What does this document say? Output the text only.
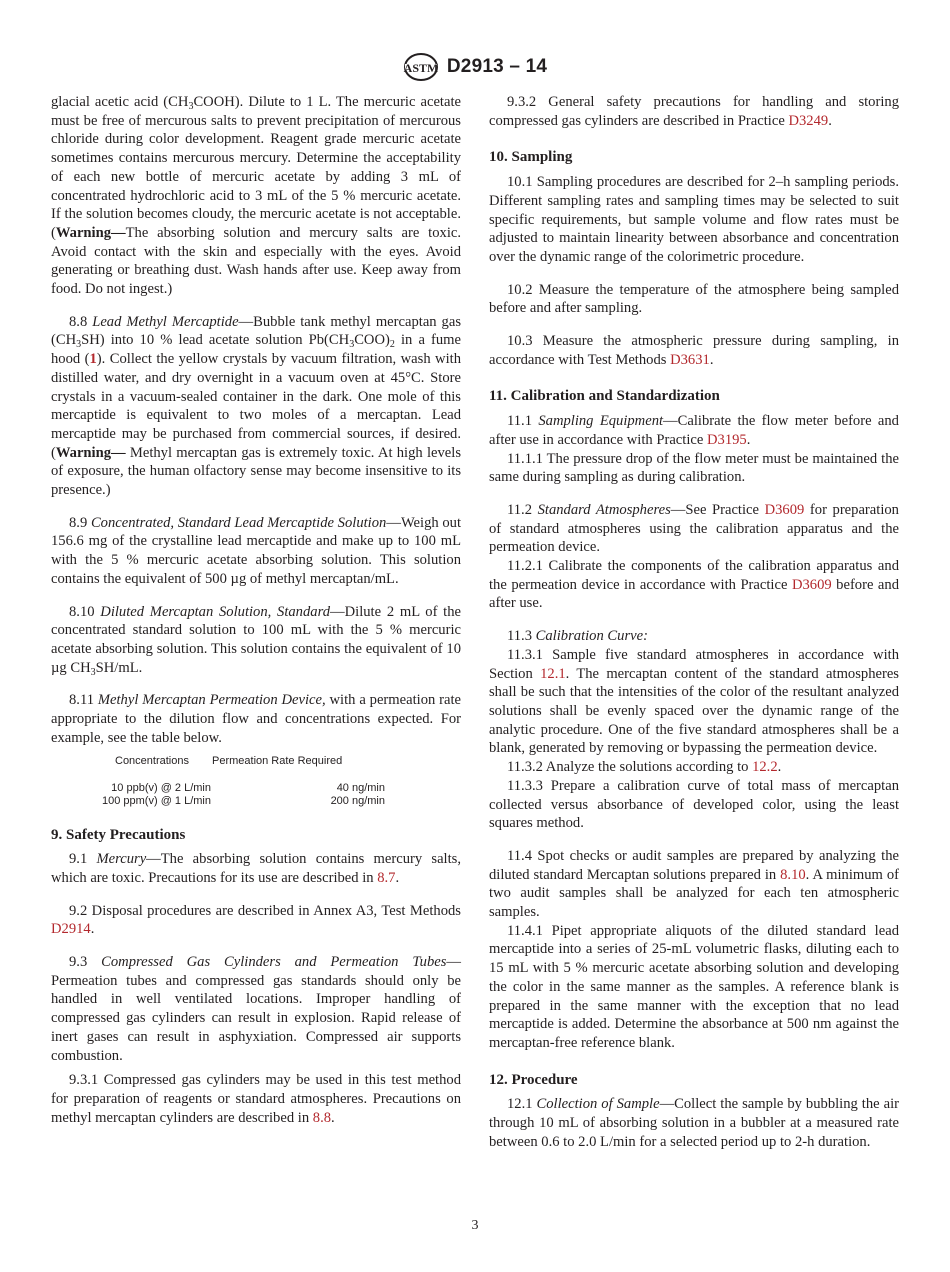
ASTM D2913 – 14

glacial acetic acid $(CH_3COOH)$. Dilute to 1 L. The mercuric acetate must be free of mercurous salts to prevent precipitation of mercurous chloride during color development. Reagent grade mercuric acetate sometimes contains mercurous mercury. Determine the acceptability of each new bottle of mercuric acetate by adding 3 mL of concentrated hydrochloric acid to 3 mL of the 5 % mercuric acetate. If the solution becomes cloudy, the mercuric acetate is not acceptable. (Warning—The absorbing solution and mercury salts are toxic. Avoid contact with the skin and especially with the eyes. Avoid generating or breathing dust. Wash hands after use. Keep away from food. Do not ingest.)

8.8 Lead Methyl Mercaptide—Bubble tank methyl mercaptan gas $(CH_3SH)$ into 10 % lead acetate solution $Pb(CH_3COO)_2$ in a fume hood (1). Collect the yellow crystals by vacuum filtration, wash with distilled water, and dry overnight in a vacuum oven at 45°C. Store crystals in a vacuum-sealed container in the dark. One mole of this mercaptide is equivalent to two moles of a mercaptan. Lead mercaptide may be purchased from commercial sources, if desired. (Warning— Methyl mercaptan gas is extremely toxic. At high levels of exposure, the human olfactory sense may become insensitive to its presence.)

8.9 Concentrated, Standard Lead Mercaptide Solution—Weigh out 156.6 mg of the crystalline lead mercaptide and make up to 100 mL with the 5 % mercuric acetate absorbing solution. This solution contains the equivalent of 500 µg of methyl mercaptan/mL.

8.10 Diluted Mercaptan Solution, Standard—Dilute 2 mL of the concentrated standard solution to 100 mL with the 5 % mercuric acetate absorbing solution. This solution contains the equivalent of 10 µg $CH_3SH/mL$.

8.11 Methyl Mercaptan Permeation Device, with a permeation rate appropriate to the dilution flow and concentrations expected. For example, see the table below.

Concentrations	Permeation Rate Required
10 ppb(v) @ 2 L/min	40 ng/min
100 ppm(v) @ 1 L/min	200 ng/min
9. Safety Precautions

9.1 Mercury—The absorbing solution contains mercury salts, which are toxic. Precautions for its use are described in 8.7.

9.2 Disposal procedures are described in Annex A3, Test Methods D2914.

9.3 Compressed Gas Cylinders and Permeation Tubes—Permeation tubes and compressed gas standards should only be handled in well ventilated locations. Improper handling of compressed gas cylinders can result in explosion. Rapid release of inert gases can result in asphyxiation. Compressed air supports combustion.

9.3.1 Compressed gas cylinders may be used in this test method for preparation of reagents or standard atmospheres. Precautions on methyl mercaptan cylinders are described in 8.8.

9.3.2 General safety precautions for handling and storing compressed gas cylinders are described in Practice D3249.

10. Sampling

10.1 Sampling procedures are described for 2–h sampling periods. Different sampling rates and sampling times may be selected to suit specific requirements, but sample volume and flow rates must be adjusted to maintain linearity between absorbance and concentration over the dynamic range of the colorimetric procedure.

10.2 Measure the temperature of the atmosphere being sampled before and after sampling.

10.3 Measure the atmospheric pressure during sampling, in accordance with Test Methods D3631.

11. Calibration and Standardization

11.1 Sampling Equipment—Calibrate the flow meter before and after use in accordance with Practice D3195.

11.1.1 The pressure drop of the flow meter must be maintained the same during sampling as during calibration.

11.2 Standard Atmospheres—See Practice D3609 for preparation of standard atmospheres using the calibration apparatus and the permeation device.

11.2.1 Calibrate the components of the calibration apparatus and the permeation device in accordance with Practice D3609 before and after use.

11.3 Calibration Curve:

11.3.1 Sample five standard atmospheres in accordance with Section 12.1. The mercaptan content of the standard atmospheres shall be such that the intensities of the color of the resultant analyzed solutions shall be evenly spaced over the dynamic range of the analytic procedure. One of the five standard atmospheres shall be a blank, generated by removing or bypassing the permeation device.

11.3.2 Analyze the solutions according to 12.2.

11.3.3 Prepare a calibration curve of total mass of mercaptan collected versus absorbance of developed color, using the least squares method.

11.4 Spot checks or audit samples are prepared by analyzing the diluted standard Mercaptan solutions prepared in 8.10. A minimum of two audit samples shall be analyzed for each ten atmospheric samples.

11.4.1 Pipet appropriate aliquots of the diluted standard lead mercaptide into a series of 25-mL volumetric flasks, diluting each to 15 mL with 5 % mercuric acetate absorbing solution and developing the color in the same manner as the samples. A reference blank is prepared in the same manner with the exception that no lead mercaptide is added. Determine the absorbance at 500 nm against the mercaptan-free reference blank.

12. Procedure

12.1 Collection of Sample—Collect the sample by bubbling the air through 10 mL of absorbing solution in a bubbler at a measured rate between 0.6 to 2.0 L/min for a selected period up to 2-h duration.

3
